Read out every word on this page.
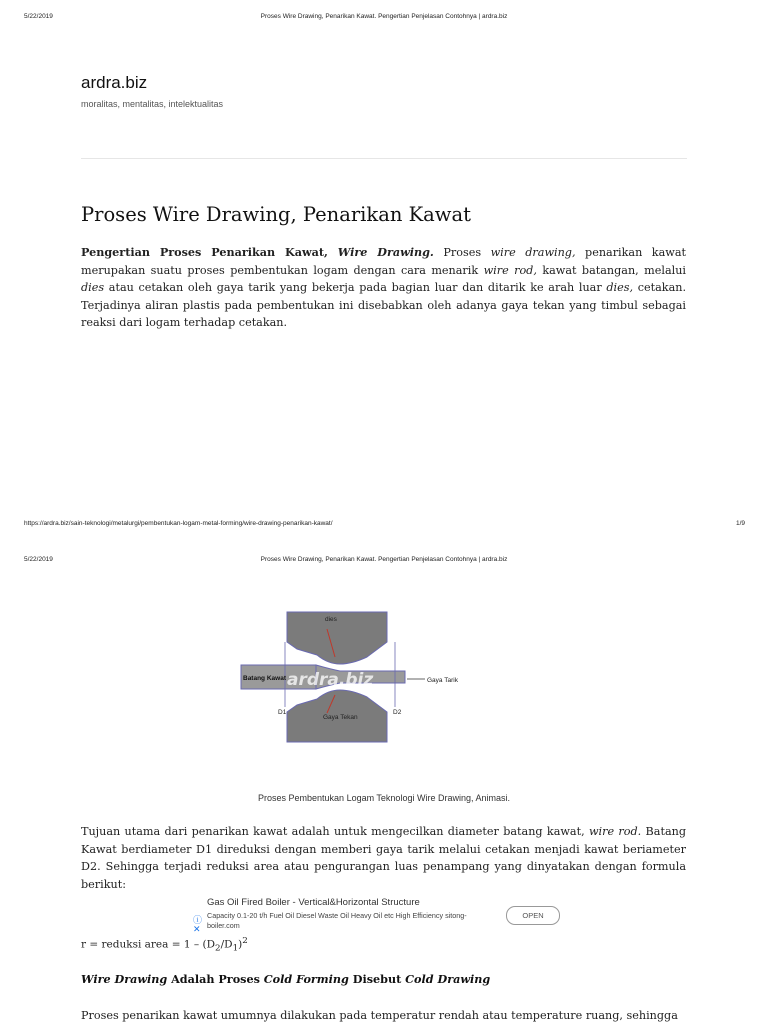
5/22/2019	Proses Wire Drawing, Penarikan Kawat. Pengertian Penjelasan Contohnya | ardra.biz
ardra.biz
moralitas, mentalitas, intelektualitas
Proses Wire Drawing, Penarikan Kawat
Pengertian Proses Penarikan Kawat, Wire Drawing. Proses wire drawing, penarikan kawat merupakan suatu proses pembentukan logam dengan cara menarik wire rod, kawat batangan, melalui dies atau cetakan oleh gaya tarik yang bekerja pada bagian luar dan ditarik ke arah luar dies, cetakan. Terjadinya aliran plastis pada pembentukan ini disebabkan oleh adanya gaya tekan yang timbul sebagai reaksi dari logam terhadap cetakan.
https://ardra.biz/sain-teknologi/metalurgi/pembentukan-logam-metal-forming/wire-drawing-penarikan-kawat/	1/9
5/22/2019	Proses Wire Drawing, Penarikan Kawat. Pengertian Penjelasan Contohnya | ardra.biz
dies
Batang Kawat	Gaya Tarik
D1	D2
Gaya Tekan
ardra.biz
Proses Pembentukan Logam Teknologi Wire Drawing, Animasi.
Tujuan utama dari penarikan kawat adalah untuk mengecilkan diameter batang kawat, wire rod. Batang Kawat berdiameter D1 direduksi dengan memberi gaya tarik melalui cetakan menjadi kawat beriameter D2. Sehingga terjadi reduksi area atau pengurangan luas penampang yang dinyatakan dengan formula berikut:
Gas Oil Fired Boiler - Vertical&Horizontal Structure
Capacity 0.1-20 t/h Fuel Oil Diesel Waste Oil Heavy Oil etc High Efficiency sitong-boiler.com
ⓘ
✕
OPEN
r = reduksi area = $1 - (D_2/D_1)^2$
Wire Drawing Adalah Proses Cold Forming Disebut Cold Drawing
Proses penarikan kawat umumnya dilakukan pada temperatur rendah atau temperature ruang, sehingga
